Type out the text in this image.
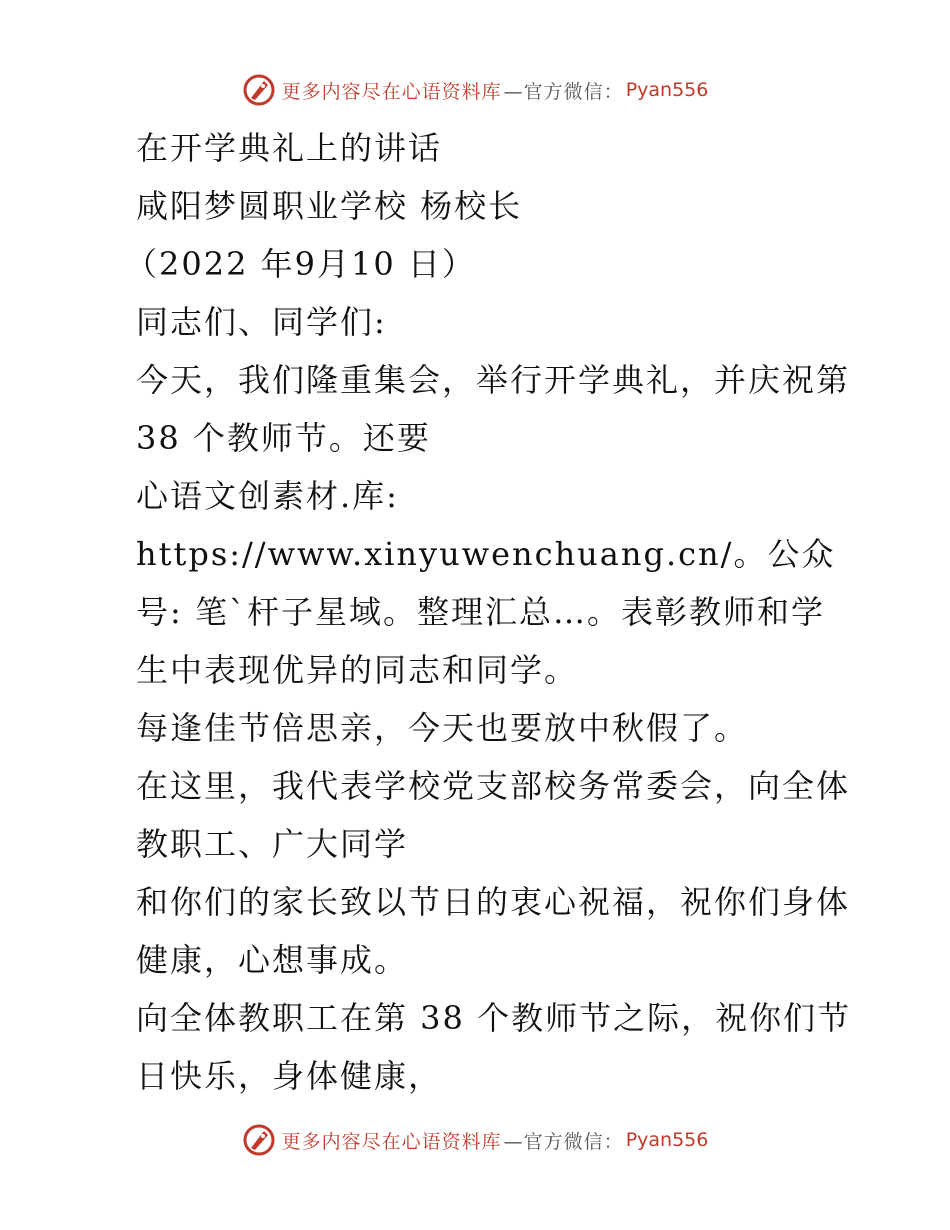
更多内容尽在心语资料库 —官方微信： Pyan556

在开学典礼上的讲话

咸阳梦圆职业学校 杨校长

（2022 年9月10 日）

同志们、同学们:

今天，我们隆重集会，举行开学典礼，并庆祝第38 个教师节。还要

心语文创素材.库: https://www.xinyuwenchuang.cn/。公众号: 笔`杆子星域。整理汇总…。表彰教师和学生中表现优异的同志和同学。

每逢佳节倍思亲，今天也要放中秋假了。

在这里，我代表学校党支部校务常委会，向全体教职工、广大同学

和你们的家长致以节日的衷心祝福，祝你们身体健康，心想事成。

向全体教职工在第 38 个教师节之际，祝你们节日快乐，身体健康，

更多内容尽在心语资料库 —官方微信： Pyan556
